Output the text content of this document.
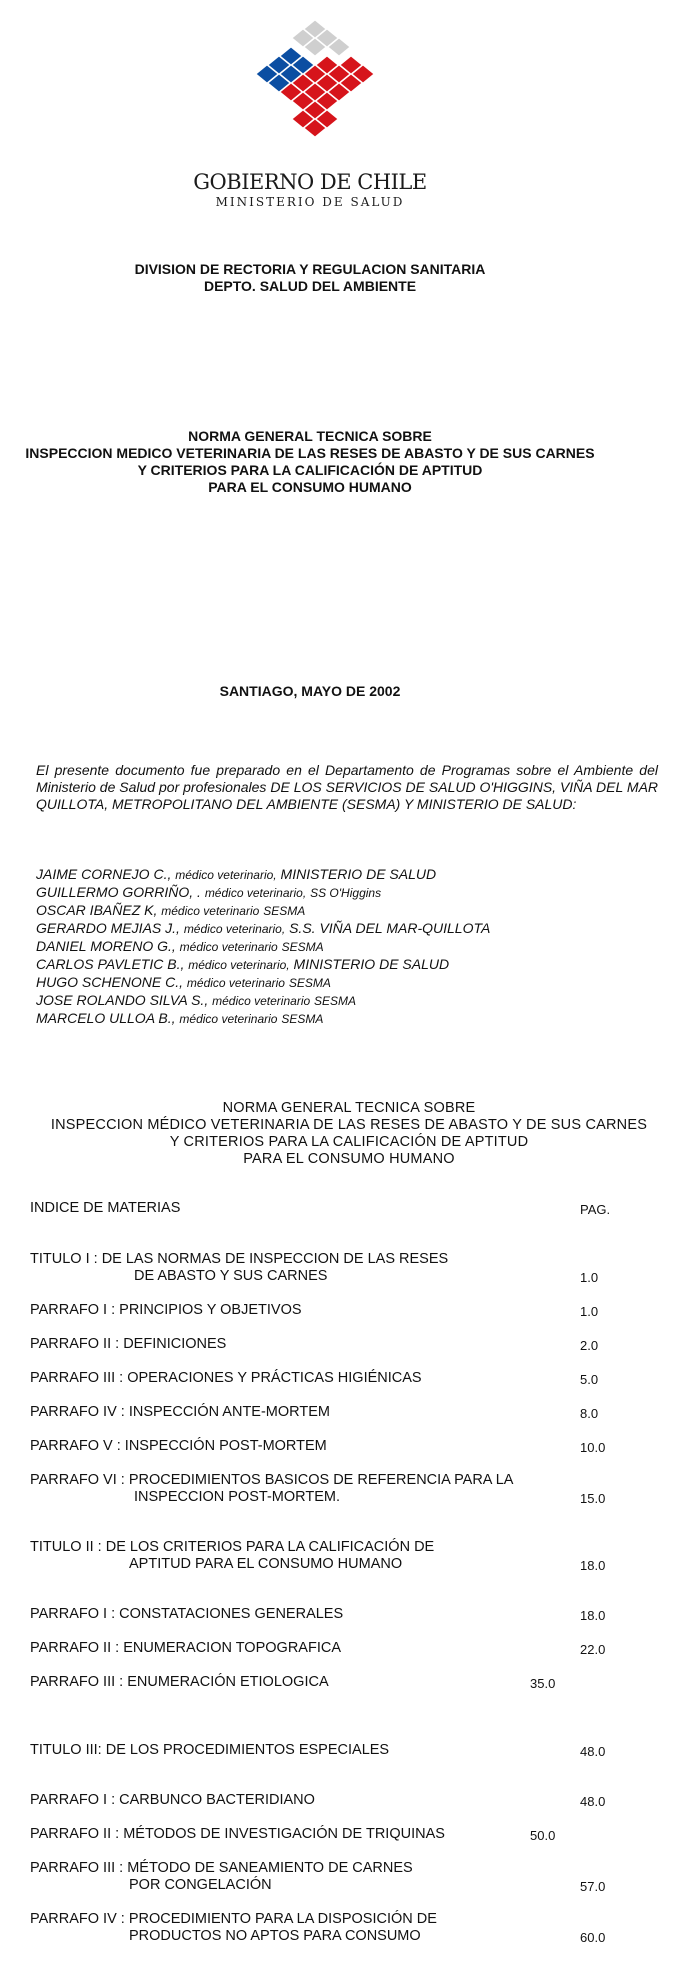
GOBIERNO DE CHILE
MINISTERIO DE SALUD
DIVISION DE RECTORIA Y REGULACION SANITARIA
DEPTO. SALUD DEL AMBIENTE
NORMA GENERAL TECNICA SOBRE
INSPECCION MEDICO VETERINARIA DE LAS RESES DE ABASTO Y DE SUS CARNES
Y CRITERIOS PARA LA CALIFICACIÓN DE APTITUD
PARA EL CONSUMO HUMANO
SANTIAGO, MAYO DE 2002
El presente documento fue preparado en el Departamento de Programas sobre el Ambiente del Ministerio de Salud por profesionales DE LOS SERVICIOS DE SALUD O'HIGGINS, VIÑA DEL MAR QUILLOTA, METROPOLITANO DEL AMBIENTE (SESMA) Y MINISTERIO DE SALUD:
JAIME CORNEJO C., médico veterinario, MINISTERIO DE SALUD
GUILLERMO GORRIÑO, . médico veterinario, SS O'Higgins
OSCAR IBAÑEZ K, médico veterinario SESMA
GERARDO MEJIAS J., médico veterinario, S.S. VIÑA DEL MAR-QUILLOTA
DANIEL MORENO G., médico veterinario SESMA
CARLOS PAVLETIC B., médico veterinario, MINISTERIO DE SALUD
HUGO SCHENONE C., médico veterinario SESMA
JOSE ROLANDO SILVA S., médico veterinario SESMA
MARCELO ULLOA B., médico veterinario SESMA
NORMA GENERAL TECNICA SOBRE
INSPECCION MÉDICO VETERINARIA DE LAS RESES DE ABASTO Y DE SUS CARNES
Y CRITERIOS PARA LA CALIFICACIÓN DE APTITUD
PARA EL CONSUMO HUMANO
INDICE DE MATERIAS	PAG.
TITULO I : DE LAS NORMAS DE INSPECCION DE LAS RESES
DE ABASTO Y SUS CARNES	1.0
PARRAFO I : PRINCIPIOS Y OBJETIVOS	1.0
PARRAFO II : DEFINICIONES	2.0
PARRAFO III : OPERACIONES Y PRÁCTICAS HIGIÉNICAS	5.0
PARRAFO IV : INSPECCIÓN ANTE-MORTEM	8.0
PARRAFO V : INSPECCIÓN POST-MORTEM	10.0
PARRAFO VI : PROCEDIMIENTOS BASICOS DE REFERENCIA PARA LA
INSPECCION POST-MORTEM.	15.0
TITULO II : DE LOS CRITERIOS PARA LA CALIFICACIÓN DE
APTITUD PARA EL CONSUMO HUMANO	18.0
PARRAFO I : CONSTATACIONES GENERALES	18.0
PARRAFO II : ENUMERACION TOPOGRAFICA	22.0
PARRAFO III : ENUMERACIÓN ETIOLOGICA	35.0
TITULO III: DE LOS PROCEDIMIENTOS ESPECIALES	48.0
PARRAFO I : CARBUNCO BACTERIDIANO	48.0
PARRAFO II : MÉTODOS DE INVESTIGACIÓN DE TRIQUINAS	50.0
PARRAFO III : MÉTODO DE SANEAMIENTO DE CARNES
POR CONGELACIÓN	57.0
PARRAFO IV : PROCEDIMIENTO PARA LA DISPOSICIÓN DE
PRODUCTOS NO APTOS PARA CONSUMO	60.0
